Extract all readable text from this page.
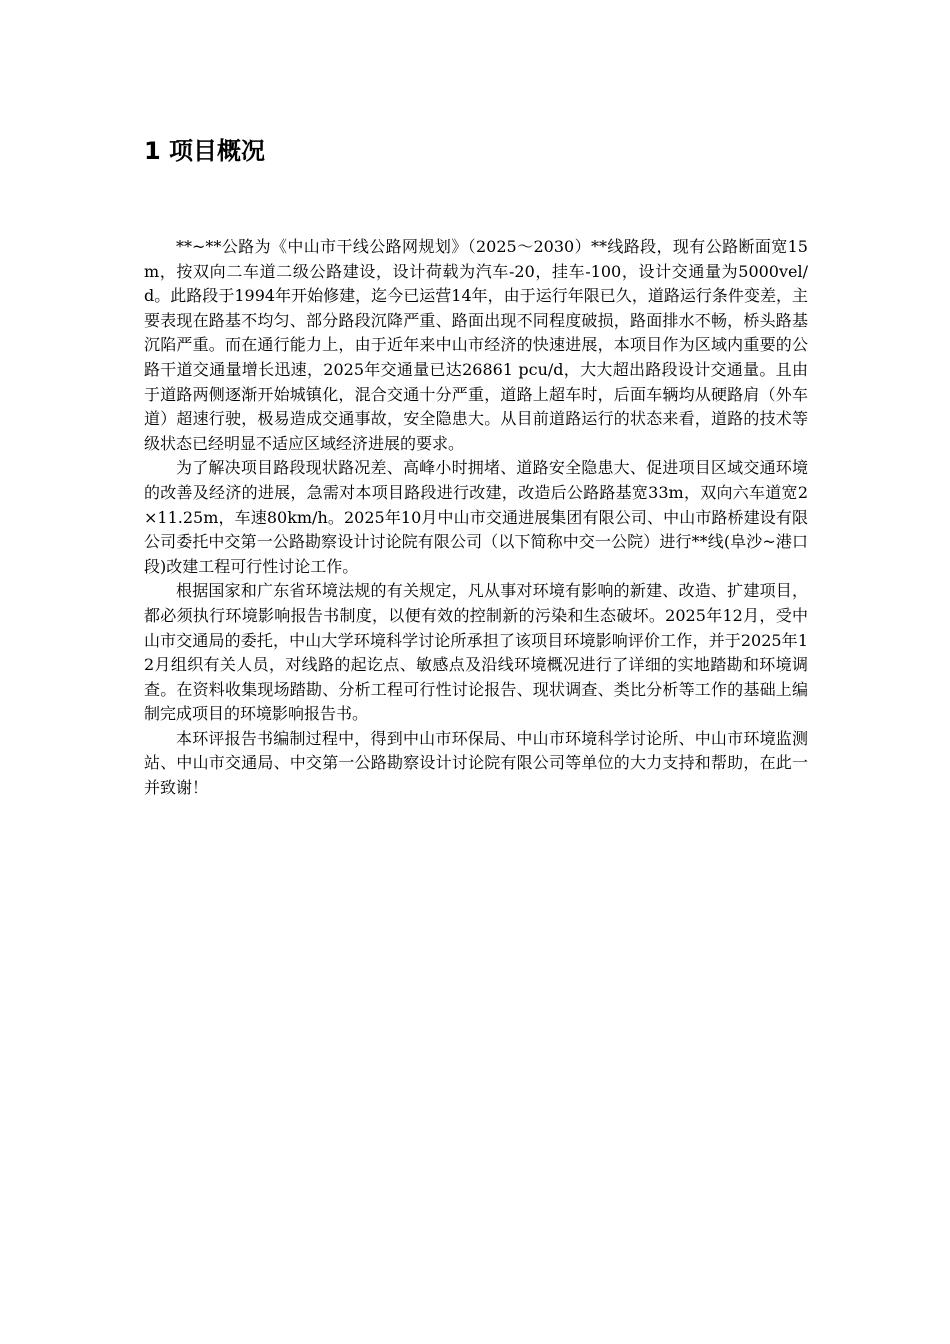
1 项目概况

**~**公路为《中山市干线公路网规划》（2025～2030）**线路段，现有公路断面宽15m，按双向二车道二级公路建设，设计荷载为汽车-20，挂车-100，设计交通量为5000vel/d。此路段于1994年开始修建，迄今已运营14年，由于运行年限已久，道路运行条件变差，主要表现在路基不均匀、部分路段沉降严重、路面出现不同程度破损，路面排水不畅，桥头路基沉陷严重。而在通行能力上，由于近年来中山市经济的快速进展，本项目作为区域内重要的公路干道交通量增长迅速，2025年交通量已达26861 pcu/d，大大超出路段设计交通量。且由于道路两侧逐渐开始城镇化，混合交通十分严重，道路上超车时，后面车辆均从硬路肩（外车道）超速行驶，极易造成交通事故，安全隐患大。从目前道路运行的状态来看，道路的技术等级状态已经明显不适应区域经济进展的要求。

为了解决项目路段现状路况差、高峰小时拥堵、道路安全隐患大、促进项目区域交通环境的改善及经济的进展，急需对本项目路段进行改建，改造后公路路基宽33m，双向六车道宽2×11.25m，车速80km/h。2025年10月中山市交通进展集团有限公司、中山市路桥建设有限公司委托中交第一公路勘察设计讨论院有限公司（以下简称中交一公院）进行**线(阜沙~港口段)改建工程可行性讨论工作。

根据国家和广东省环境法规的有关规定，凡从事对环境有影响的新建、改造、扩建项目，都必须执行环境影响报告书制度，以便有效的控制新的污染和生态破坏。2025年12月，受中山市交通局的委托，中山大学环境科学讨论所承担了该项目环境影响评价工作，并于2025年12月组织有关人员，对线路的起讫点、敏感点及沿线环境概况进行了详细的实地踏勘和环境调查。在资料收集现场踏勘、分析工程可行性讨论报告、现状调查、类比分析等工作的基础上编制完成项目的环境影响报告书。

本环评报告书编制过程中，得到中山市环保局、中山市环境科学讨论所、中山市环境监测站、中山市交通局、中交第一公路勘察设计讨论院有限公司等单位的大力支持和帮助，在此一并致谢！
